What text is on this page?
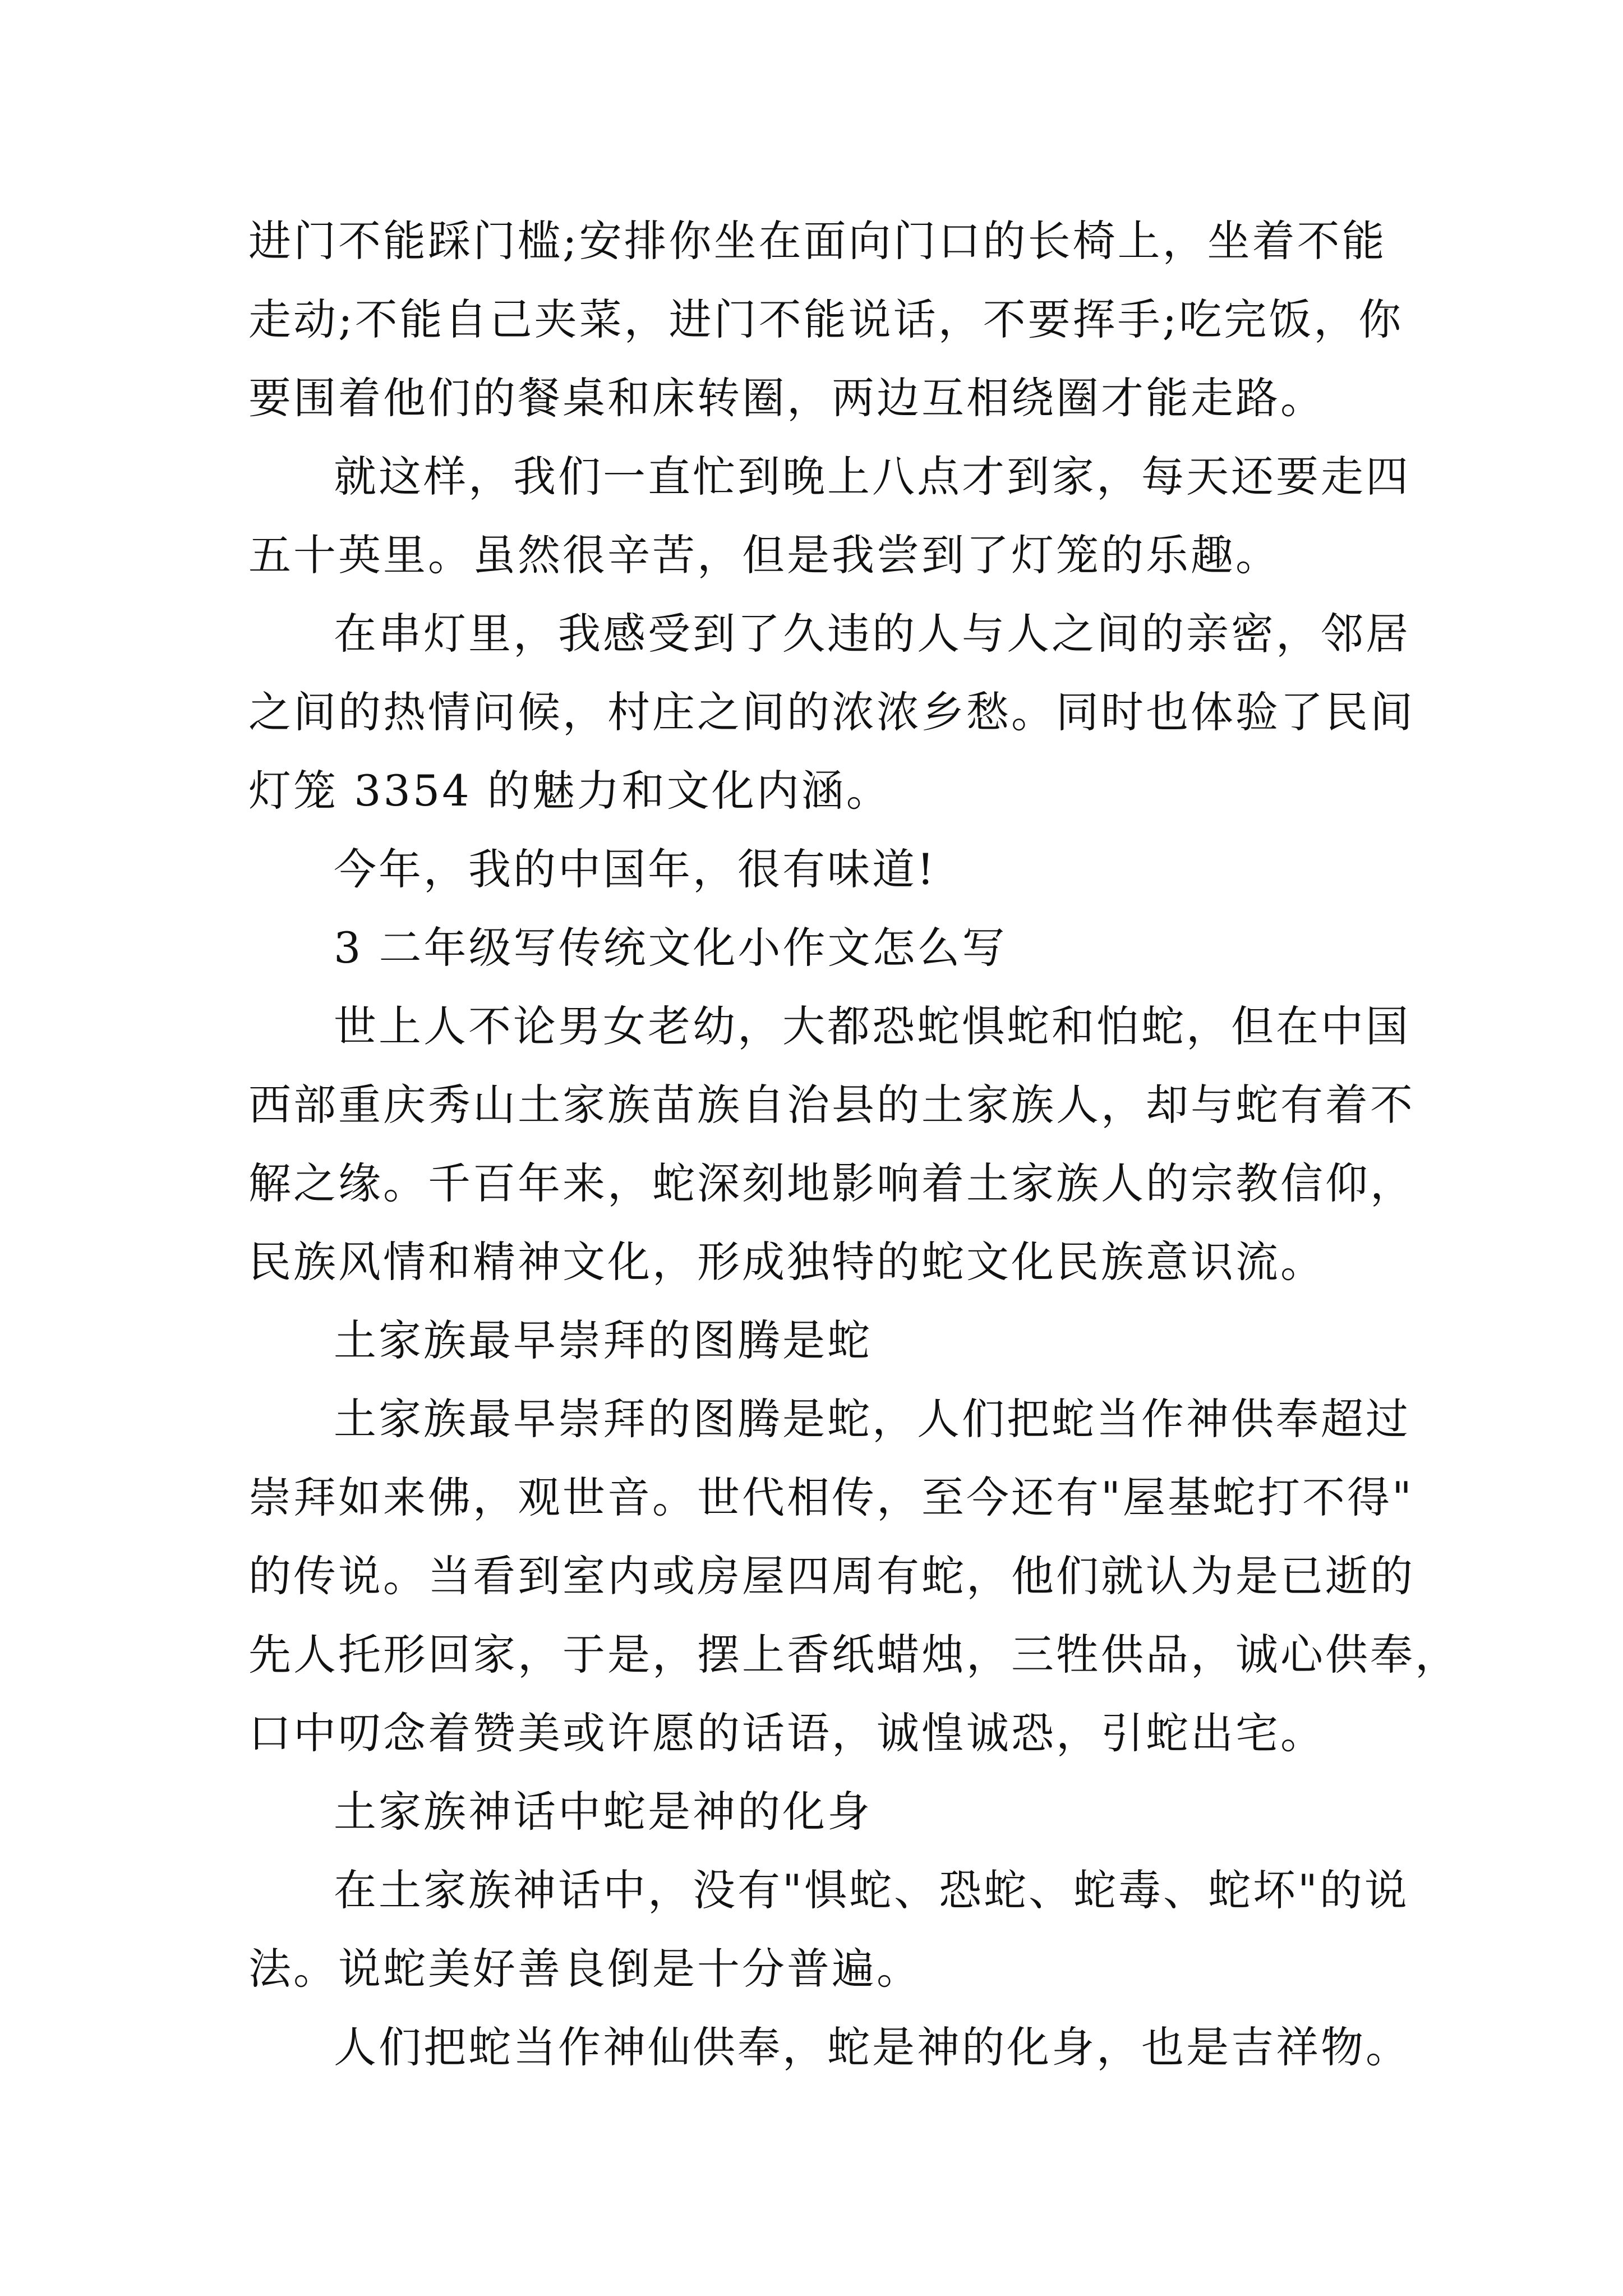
进门不能踩门槛;安排你坐在面向门口的长椅上，坐着不能

走动;不能自己夹菜，进门不能说话，不要挥手;吃完饭，你

要围着他们的餐桌和床转圈，两边互相绕圈才能走路。

就这样，我们一直忙到晚上八点才到家，每天还要走四

五十英里。虽然很辛苦，但是我尝到了灯笼的乐趣。

在串灯里，我感受到了久违的人与人之间的亲密，邻居

之间的热情问候，村庄之间的浓浓乡愁。同时也体验了民间

灯笼 3354 的魅力和文化内涵。

今年，我的中国年，很有味道!

3 二年级写传统文化小作文怎么写

世上人不论男女老幼，大都恐蛇惧蛇和怕蛇，但在中国

西部重庆秀山土家族苗族自治县的土家族人，却与蛇有着不

解之缘。千百年来，蛇深刻地影响着土家族人的宗教信仰，

民族风情和精神文化，形成独特的蛇文化民族意识流。

土家族最早崇拜的图腾是蛇

土家族最早崇拜的图腾是蛇，人们把蛇当作神供奉超过

崇拜如来佛，观世音。世代相传，至今还有"屋基蛇打不得"

的传说。当看到室内或房屋四周有蛇，他们就认为是已逝的

先人托形回家，于是，摆上香纸蜡烛，三牲供品，诚心供奉，

口中叨念着赞美或许愿的话语，诚惶诚恐，引蛇出宅。

土家族神话中蛇是神的化身

在土家族神话中，没有"惧蛇、恐蛇、蛇毒、蛇坏"的说

法。说蛇美好善良倒是十分普遍。

人们把蛇当作神仙供奉，蛇是神的化身，也是吉祥物。
